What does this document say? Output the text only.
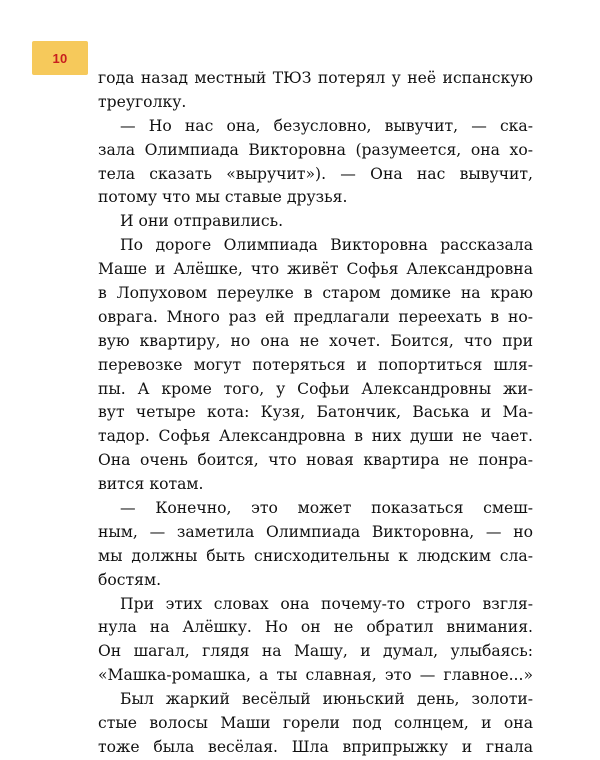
10
года назад местный ТЮЗ потерял у неё испанскую
треуголку.
— Но нас она, безусловно, вывучит, — ска-
зала Олимпиада Викторовна (разумеется, она хо-
тела сказать «выручит»). — Она нас вывучит,
потому что мы ставые друзья.
И они отправились.
По дороге Олимпиада Викторовна рассказала
Маше и Алёшке, что живёт Софья Александровна
в Лопуховом переулке в старом домике на краю
оврага. Много раз ей предлагали переехать в но-
вую квартиру, но она не хочет. Боится, что при
перевозке могут потеряться и попортиться шля-
пы. А кроме того, у Софьи Александровны жи-
вут четыре кота: Кузя, Батончик, Васька и Ма-
тадор. Софья Александровна в них души не чает.
Она очень боится, что новая квартира не понра-
вится котам.
— Конечно, это может показаться смеш-
ным, — заметила Олимпиада Викторовна, — но
мы должны быть снисходительны к людским сла-
бостям.
При этих словах она почему-то строго взгля-
нула на Алёшку. Но он не обратил внимания.
Он шагал, глядя на Машу, и думал, улыбаясь:
«Машка-ромашка, а ты славная, это — главное...»
Был жаркий весёлый июньский день, золоти-
стые волосы Маши горели под солнцем, и она
тоже была весёлая. Шла вприпрыжку и гнала
